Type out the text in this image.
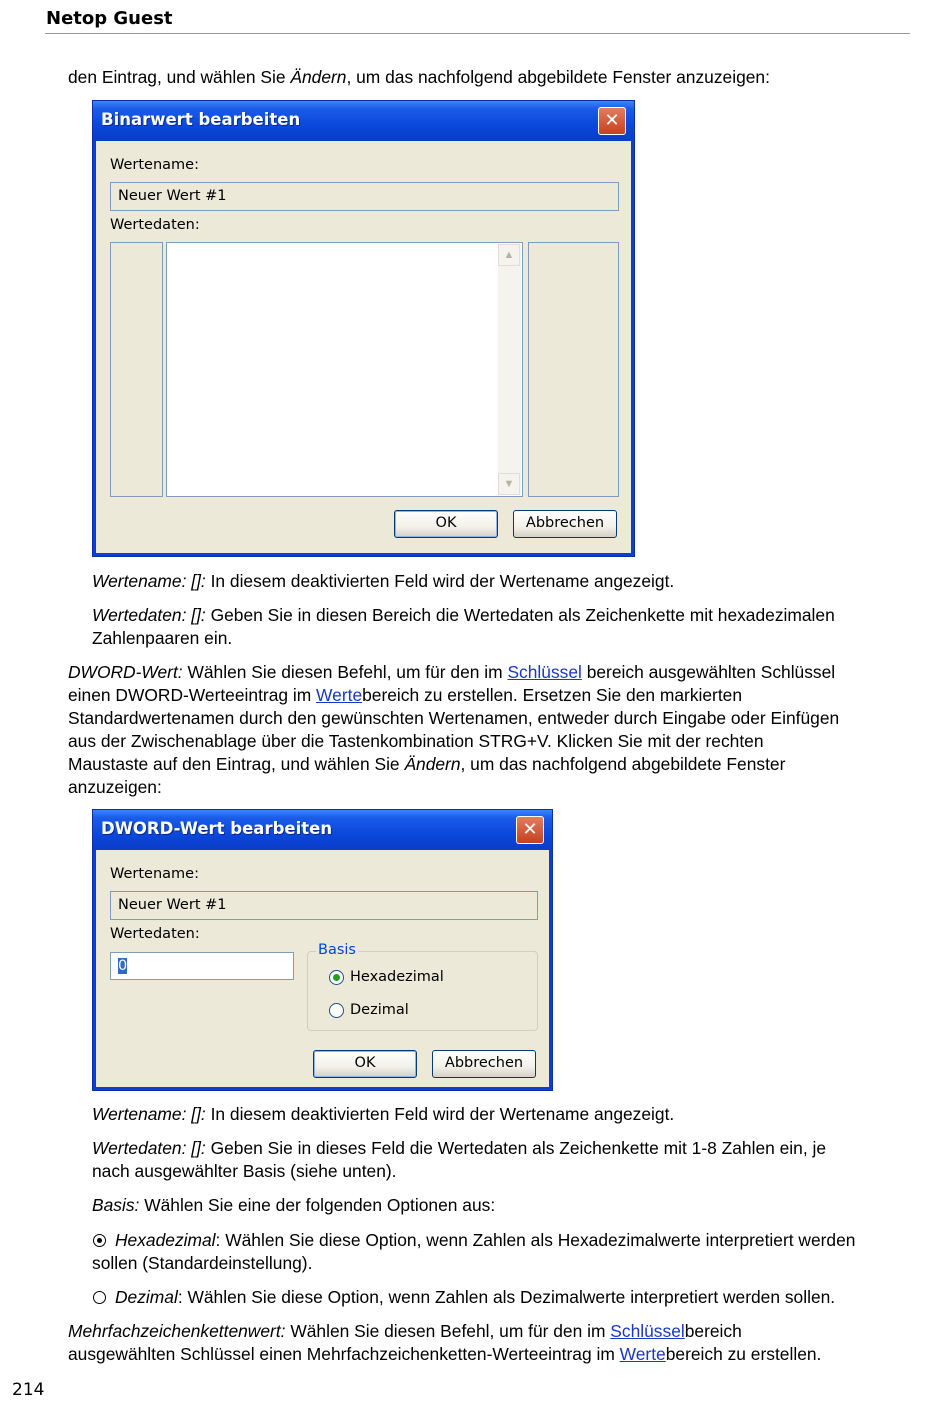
Netop Guest
den Eintrag, und wählen Sie Ändern, um das nachfolgend abgebildete Fenster anzuzeigen:
Binarwert bearbeiten	✕
Wertename:
Neuer Wert #1
Wertedaten:
▲
▼
OK	Abbrechen
Wertename: []: In diesem deaktivierten Feld wird der Wertename angezeigt.
Wertedaten: []: Geben Sie in diesen Bereich die Wertedaten als Zeichenkette mit hexadezimalen
Zahlenpaaren ein.
DWORD-Wert: Wählen Sie diesen Befehl, um für den im Schlüssel bereich ausgewählten Schlüssel
einen DWORD-Werteeintrag im Wertebereich zu erstellen. Ersetzen Sie den markierten
Standardwertenamen durch den gewünschten Wertenamen, entweder durch Eingabe oder Einfügen
aus der Zwischenablage über die Tastenkombination STRG+V. Klicken Sie mit der rechten
Maustaste auf den Eintrag, und wählen Sie Ändern, um das nachfolgend abgebildete Fenster
anzuzeigen:
DWORD-Wert bearbeiten	✕
Wertename:
Neuer Wert #1
Wertedaten:
0
Basis
Hexadezimal
Dezimal
OK	Abbrechen
Wertename: []: In diesem deaktivierten Feld wird der Wertename angezeigt.
Wertedaten: []: Geben Sie in dieses Feld die Wertedaten als Zeichenkette mit 1-8 Zahlen ein, je
nach ausgewählter Basis (siehe unten).
Basis: Wählen Sie eine der folgenden Optionen aus:
Hexadezimal: Wählen Sie diese Option, wenn Zahlen als Hexadezimalwerte interpretiert werden
sollen (Standardeinstellung).
Dezimal: Wählen Sie diese Option, wenn Zahlen als Dezimalwerte interpretiert werden sollen.
Mehrfachzeichenkettenwert: Wählen Sie diesen Befehl, um für den im Schlüsselbereich
ausgewählten Schlüssel einen Mehrfachzeichenketten-Werteeintrag im Wertebereich zu erstellen.
214
